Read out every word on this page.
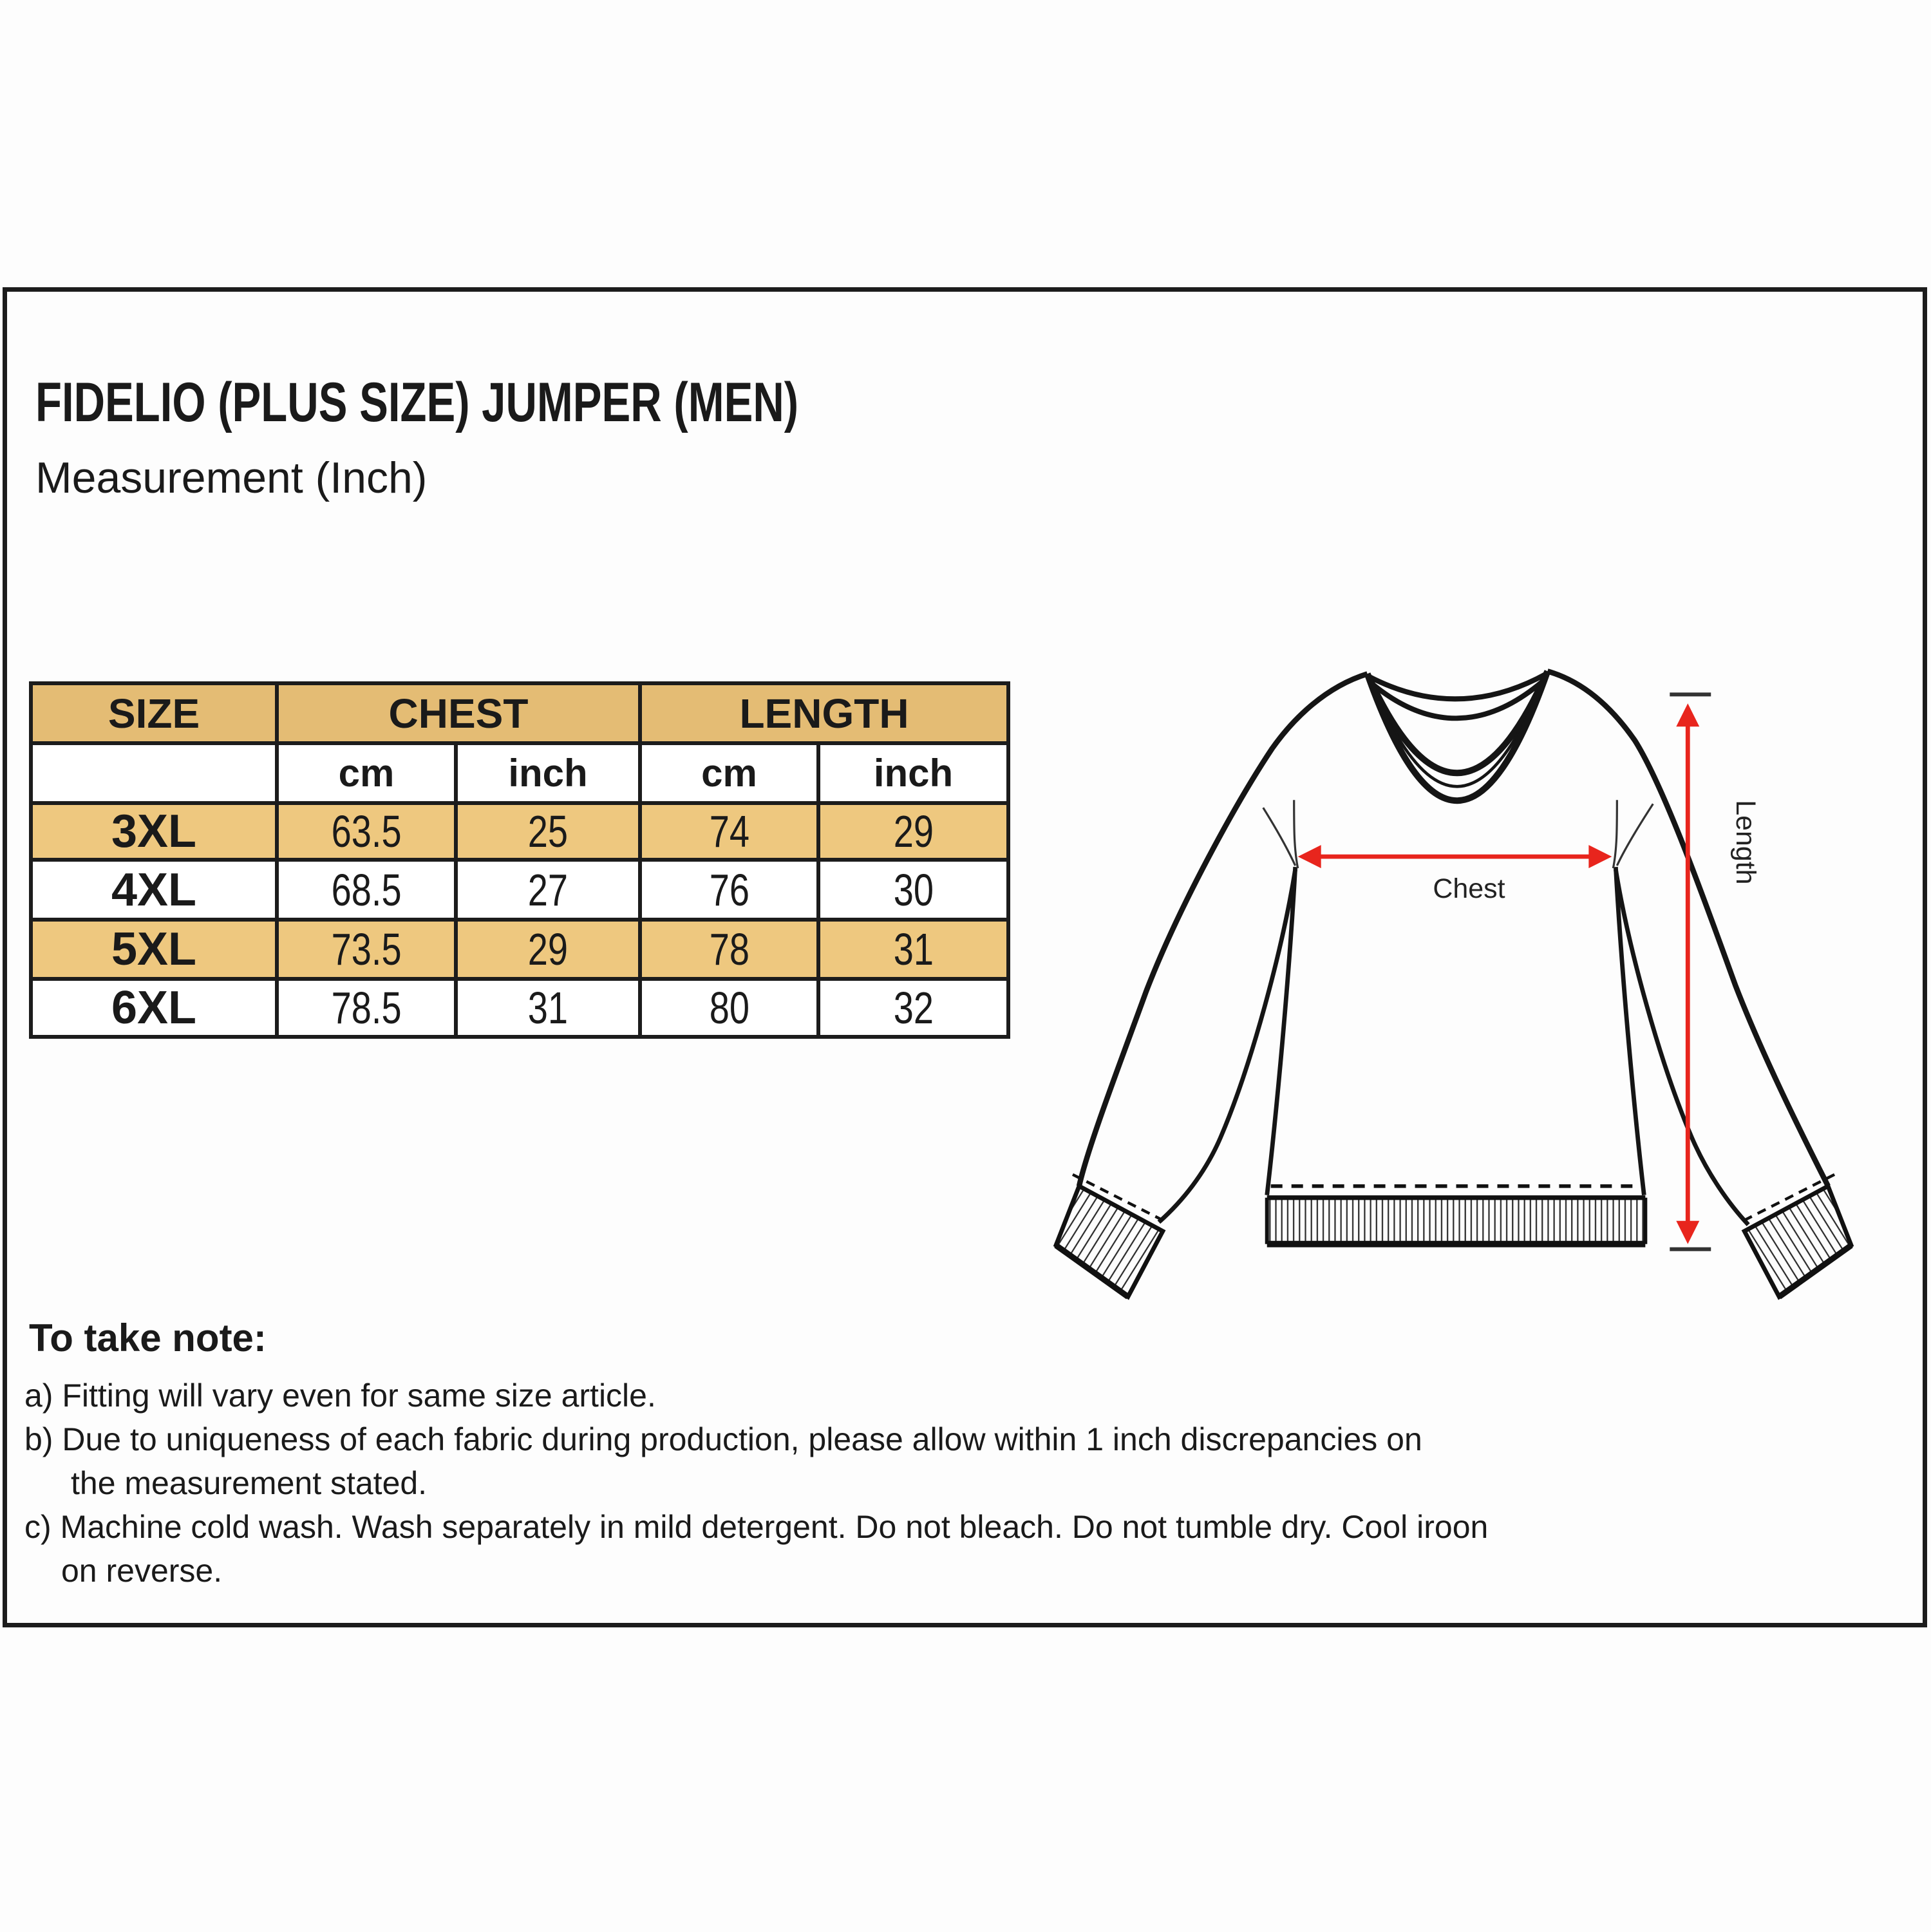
FIDELIO (PLUS SIZE) JUMPER (MEN)
Measurement (Inch)
SIZE	CHEST		LENGTH	
	cm	inch	cm	inch
3XL	63.5	25	74	29
4XL	68.5	27	76	30
5XL	73.5	29	78	31
6XL	78.5	31	80	32
Chest
Length
To take note:
a) Fitting will vary even for same size article.
b) Due to uniqueness of each fabric during production, please allow within 1 inch discrepancies on
the measurement stated.
c) Machine cold wash. Wash separately in mild detergent. Do not bleach. Do not tumble dry. Cool iroon
on reverse.
